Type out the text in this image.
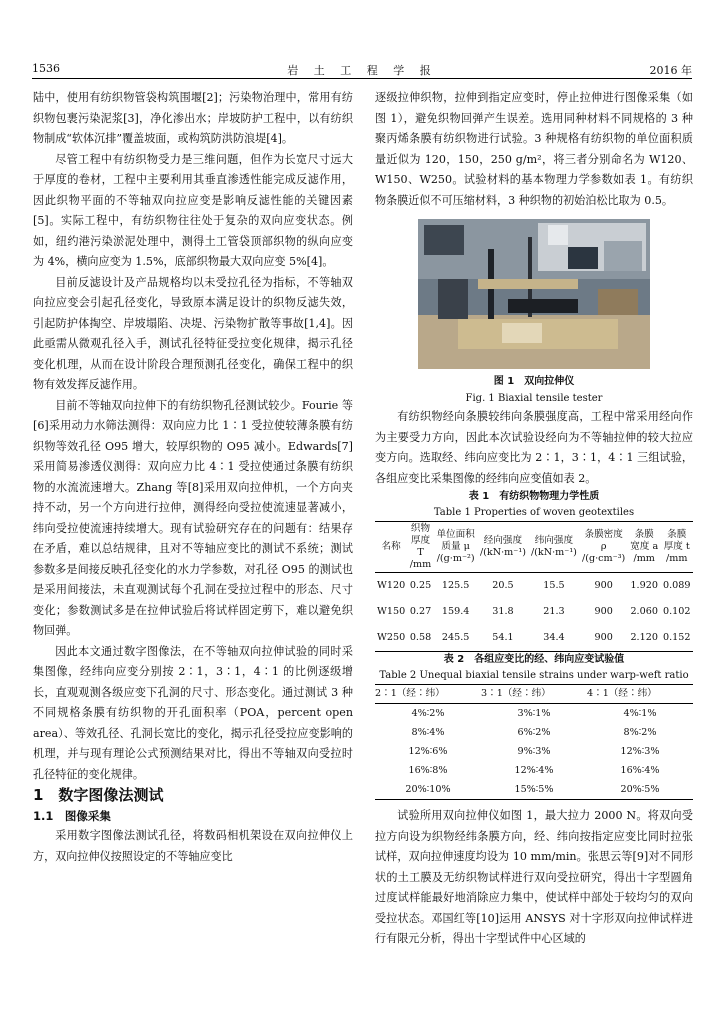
1536	岩 土 工 程 学 报	2016 年

陆中，使用有纺织物管袋构筑围堰[2]；污染物治理中，常用有纺织物包裹污染泥浆[3]，净化渗出水；岸坡防护工程中，以有纺织物制成“软体沉排”覆盖坡面，或构筑防洪防浪堤[4]。

尽管工程中有纺织物受力是三维问题，但作为长宽尺寸远大于厚度的卷材，工程中主要利用其垂直渗透性能完成反滤作用，因此织物平面的不等轴双向拉应变是影响反滤性能的关键因素[5]。实际工程中，有纺织物往往处于复杂的双向应变状态。例如，纽约港污染淤泥处理中，测得土工管袋顶部织物的纵向应变为 4%，横向应变为 1.5%，底部织物最大双向应变 5%[4]。

目前反滤设计及产品规格均以未受拉孔径为指标，不等轴双向拉应变会引起孔径变化，导致原本满足设计的织物反滤失效，引起防护体掏空、岸坡塌陷、决堤、污染物扩散等事故[1,4]。因此亟需从微观孔径入手，测试孔径特征受拉变化规律，揭示孔径变化机理，从而在设计阶段合理预测孔径变化，确保工程中的织物有效发挥反滤作用。

目前不等轴双向拉伸下的有纺织物孔径测试较少。Fourie 等[6]采用动力水筛法测得：双向应力比 1∶1 受拉使较薄条膜有纺织物等效孔径 O95 增大，较厚织物的 O95 减小。Edwards[7]采用简易渗透仪测得：双向应力比 4∶1 受拉使通过条膜有纺织物的水流流速增大。Zhang 等[8]采用双向拉伸机，一个方向夹持不动，另一个方向进行拉伸，测得经向受拉使流速显著减小，纬向受拉使流速持续增大。现有试验研究存在的问题有：结果存在矛盾，难以总结规律，且对不等轴应变比的测试不系统；测试参数多是间接反映孔径变化的水力学参数，对孔径 O95 的测试也是采用间接法，未直观测试每个孔洞在受拉过程中的形态、尺寸变化；参数测试多是在拉伸试验后将试样固定剪下，难以避免织物回弹。

因此本文通过数字图像法，在不等轴双向拉伸试验的同时采集图像，经纬向应变分别按 2∶1，3∶1，4∶1 的比例逐级增长，直观观测各级应变下孔洞的尺寸、形态变化。通过测试 3 种不同规格条膜有纺织物的开孔面积率（POA，percent open area）、等效孔径、孔洞长宽比的变化，揭示孔径受拉应变影响的机理，并与现有理论公式预测结果对比，得出不等轴双向受拉时孔径特征的变化规律。

1　数字图像法测试

1.1　图像采集

采用数字图像法测试孔径，将数码相机架设在双向拉伸仪上方，双向拉伸仪按照设定的不等轴应变比

逐级拉伸织物，拉伸到指定应变时，停止拉伸进行图像采集（如图 1），避免织物回弹产生误差。选用同种材料不同规格的 3 种聚丙烯条膜有纺织物进行试验。3 种规格有纺织物的单位面积质量近似为 120，150，250 g/m²，将三者分别命名为 W120、W150、W250。试验材料的基本物理力学参数如表 1。有纺织物条膜近似不可压缩材料，3 种织物的初始泊松比取为 0.5。

图 1　双向拉伸仪
Fig. 1 Biaxial tensile tester

有纺织物经向条膜较纬向条膜强度高，工程中常采用经向作为主要受力方向，因此本次试验设经向为不等轴拉伸的较大拉应变方向。选取经、纬向应变比为 2∶1，3∶1，4∶1 三组试验，各组应变比采集图像的经纬向应变值如表 2。

表 1　有纺织物物理力学性质
Table 1 Properties of woven geotextiles
名称	织物厚度 T /mm	单位面积质量 μ /(g·m⁻²)	经向强度 /(kN·m⁻¹)	纬向强度 /(kN·m⁻¹)	条膜密度 ρ /(g·cm⁻³)	条膜宽度 a /mm	条膜厚度 t /mm
W120	0.25	125.5	20.5	15.5	900	1.920	0.089
W150	0.27	159.4	31.8	21.3	900	2.060	0.102
W250	0.58	245.5	54.1	34.4	900	2.120	0.152
表 2　各组应变比的经、纬向应变试验值
Table 2 Unequal biaxial tensile strains under warp-weft ratio
2∶1（经∶纬）	3∶1（经∶纬）	4∶1（经∶纬）
4%∶2%	3%∶1%	4%∶1%
8%∶4%	6%∶2%	8%∶2%
12%∶6%	9%∶3%	12%∶3%
16%∶8%	12%∶4%	16%∶4%
20%∶10%	15%∶5%	20%∶5%

试验所用双向拉伸仪如图 1，最大拉力 2000 N。将双向受拉方向设为织物经纬条膜方向，经、纬向按指定应变比同时拉张试样，双向拉伸速度均设为 10 mm/min。张思云等[9]对不同形状的土工膜及无纺织物试样进行双向受拉研究，得出十字型圆角过度试样能最好地消除应力集中，使试样中部处于较均匀的双向受拉状态。邓国红等[10]运用 ANSYS 对十字形双向拉伸试样进行有限元分析，得出十字型试件中心区域的
